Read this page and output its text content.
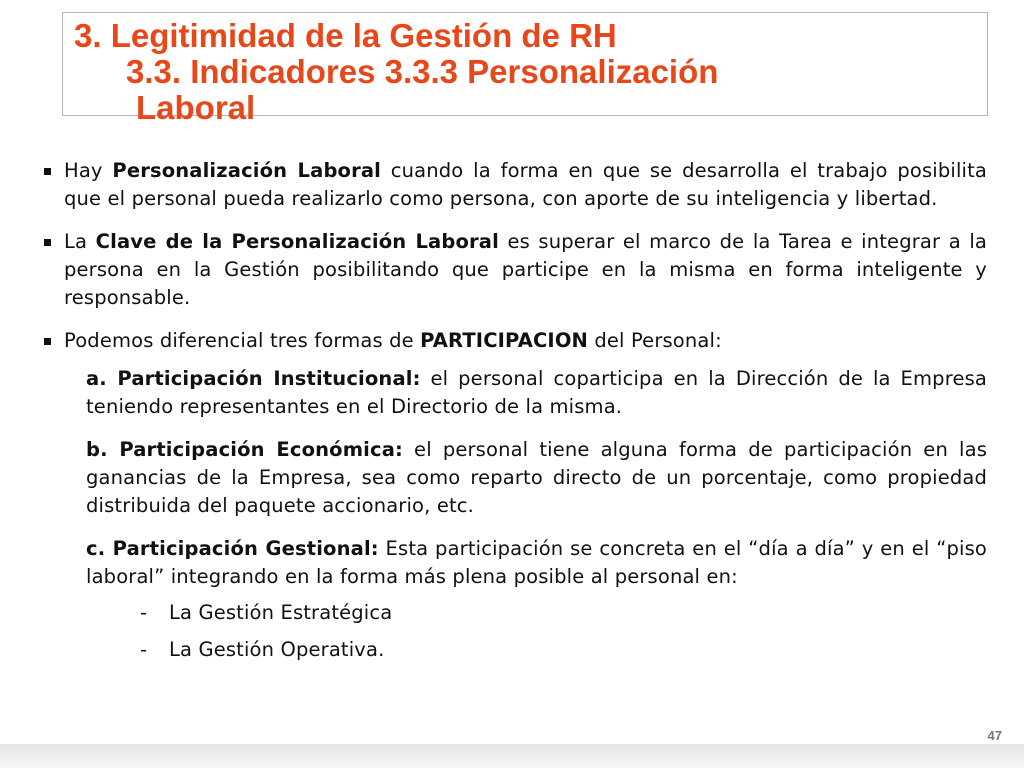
3. Legitimidad de la Gestión de RH
3.3. Indicadores 3.3.3 Personalización
Laboral
Hay Personalización Laboral cuando la forma en que se desarrolla el trabajo posibilita que el personal pueda realizarlo como persona, con aporte de su inteligencia y libertad.
La Clave de la Personalización Laboral es superar el marco de la Tarea e integrar a la persona en la Gestión posibilitando que participe en la misma en forma inteligente y responsable.
Podemos diferencial tres formas de PARTICIPACION del Personal:
a. Participación Institucional: el personal coparticipa en la Dirección de la Empresa teniendo representantes en el Directorio de la misma.
b. Participación Económica: el personal tiene alguna forma de participación en las ganancias de la Empresa, sea como reparto directo de un porcentaje, como propiedad distribuida del paquete accionario, etc.
c. Participación Gestional: Esta participación se concreta en el “día a día” y en el “piso laboral” integrando en la forma más plena posible al personal en:
-	La Gestión Estratégica
-	La Gestión Operativa.
47
